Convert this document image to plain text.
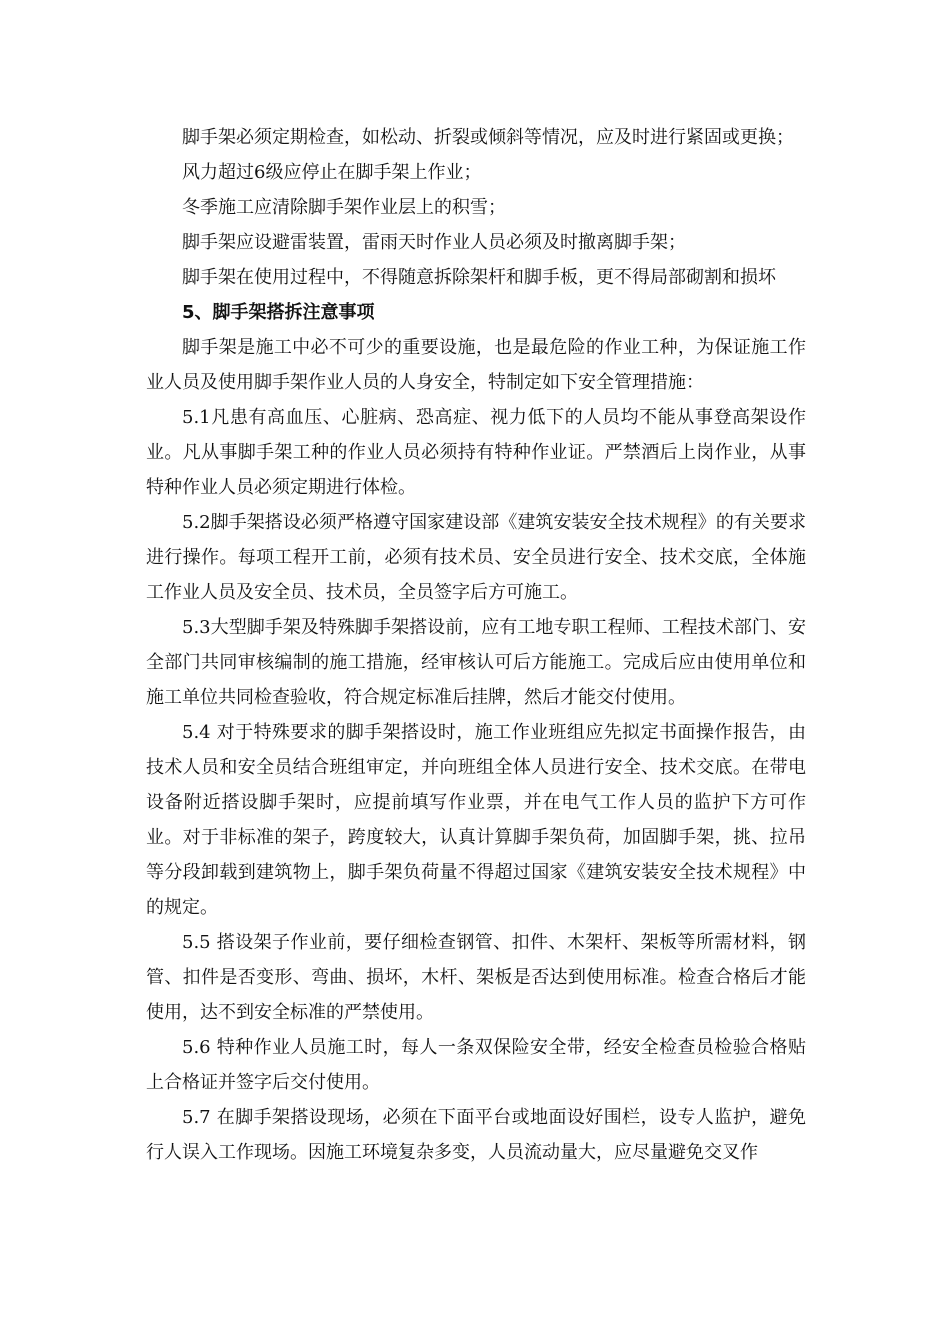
脚手架必须定期检查，如松动、折裂或倾斜等情况，应及时进行紧固或更换；
风力超过6级应停止在脚手架上作业；
冬季施工应清除脚手架作业层上的积雪；
脚手架应设避雷装置，雷雨天时作业人员必须及时撤离脚手架；
脚手架在使用过程中，不得随意拆除架杆和脚手板，更不得局部砌割和损坏
5、脚手架搭拆注意事项
脚手架是施工中必不可少的重要设施，也是最危险的作业工种，为保证施工作业人员及使用脚手架作业人员的人身安全，特制定如下安全管理措施：
5.1凡患有高血压、心脏病、恐高症、视力低下的人员均不能从事登高架设作业。凡从事脚手架工种的作业人员必须持有特种作业证。严禁酒后上岗作业，从事特种作业人员必须定期进行体检。
5.2脚手架搭设必须严格遵守国家建设部《建筑安装安全技术规程》的有关要求进行操作。每项工程开工前，必须有技术员、安全员进行安全、技术交底，全体施工作业人员及安全员、技术员，全员签字后方可施工。
5.3大型脚手架及特殊脚手架搭设前，应有工地专职工程师、工程技术部门、安全部门共同审核编制的施工措施，经审核认可后方能施工。完成后应由使用单位和施工单位共同检查验收，符合规定标准后挂牌，然后才能交付使用。
5.4 对于特殊要求的脚手架搭设时，施工作业班组应先拟定书面操作报告，由技术人员和安全员结合班组审定，并向班组全体人员进行安全、技术交底。在带电设备附近搭设脚手架时，应提前填写作业票，并在电气工作人员的监护下方可作业。对于非标准的架子，跨度较大，认真计算脚手架负荷，加固脚手架，挑、拉吊等分段卸载到建筑物上，脚手架负荷量不得超过国家《建筑安装安全技术规程》中的规定。
5.5 搭设架子作业前，要仔细检查钢管、扣件、木架杆、架板等所需材料，钢管、扣件是否变形、弯曲、损坏，木杆、架板是否达到使用标准。检查合格后才能使用，达不到安全标准的严禁使用。
5.6 特种作业人员施工时，每人一条双保险安全带，经安全检查员检验合格贴上合格证并签字后交付使用。
5.7 在脚手架搭设现场，必须在下面平台或地面设好围栏，设专人监护，避免行人误入工作现场。因施工环境复杂多变，人员流动量大，应尽量避免交叉作
